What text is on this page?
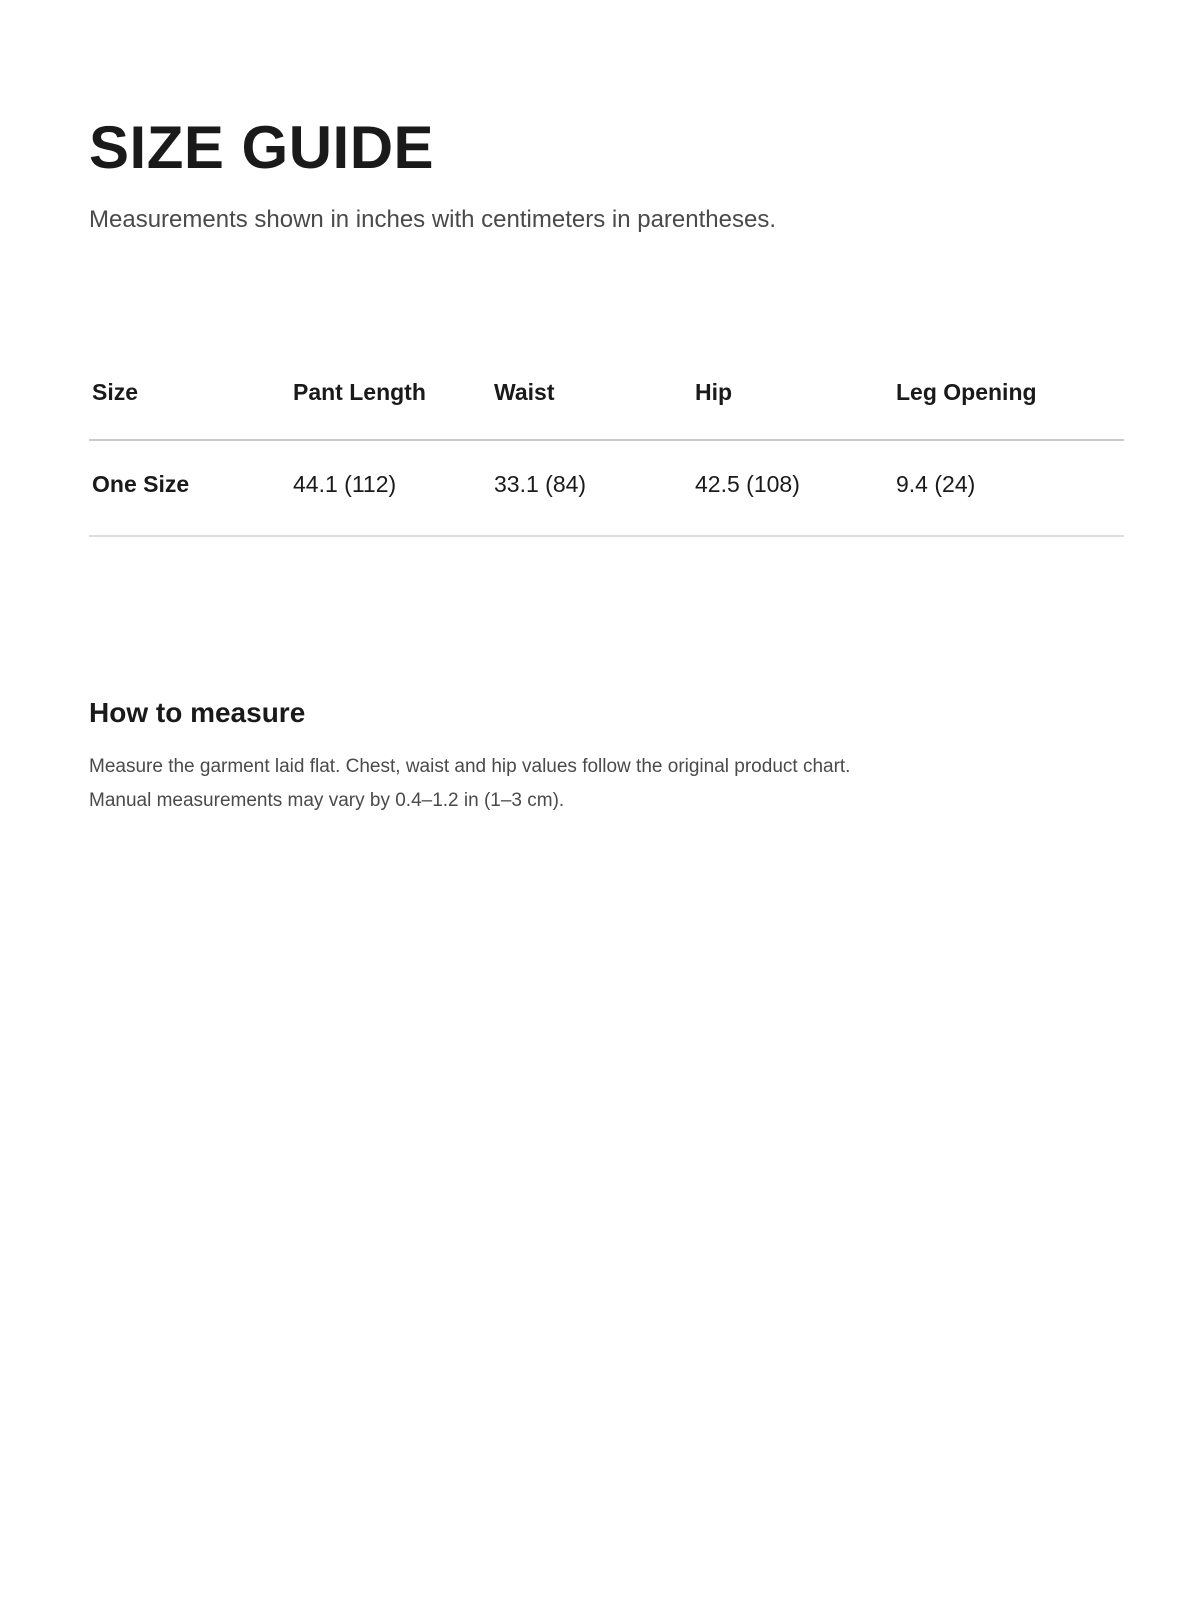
SIZE GUIDE

Measurements shown in inches with centimeters in parentheses.

Size	Pant Length	Waist	Hip	Leg Opening
One Size	44.1 (112)	33.1 (84)	42.5 (108)	9.4 (24)
How to measure

Measure the garment laid flat. Chest, waist and hip values follow the original product chart.

Manual measurements may vary by 0.4–1.2 in (1–3 cm).
